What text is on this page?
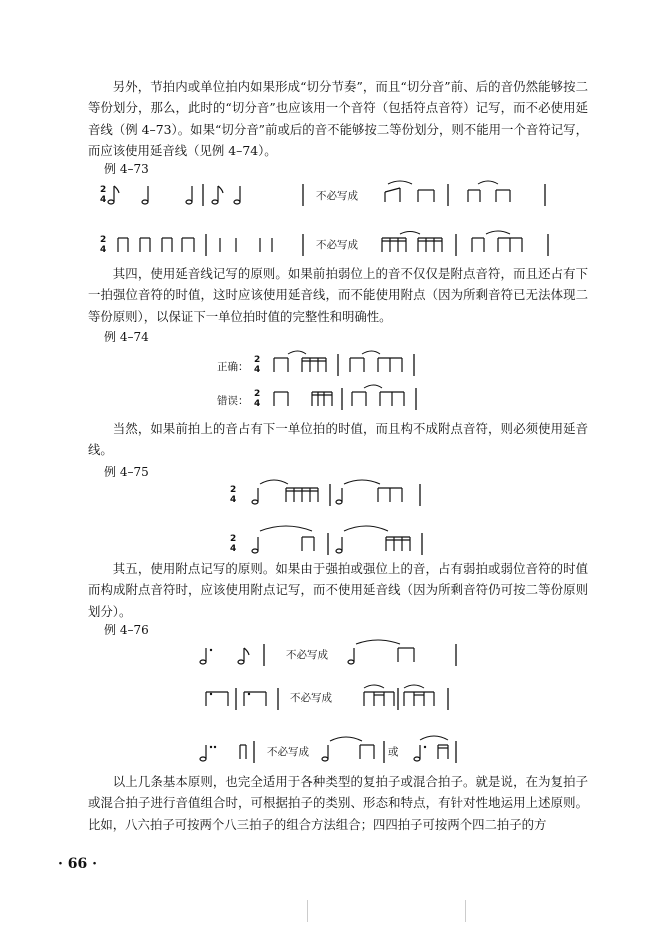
另外，节拍内或单位拍内如果形成“切分节奏”，而且“切分音”前、后的音仍然能够按二等份划分，那么，此时的“切分音”也应该用一个音符（包括符点音符）记写，而不必使用延音线（例 4–73）。如果“切分音”前或后的音不能够按二等份划分，则不能用一个音符记写，而应该使用延音线（见例 4–74）。

例 4–73

2
4	不必写成
2
4	不必写成

其四，使用延音线记写的原则。如果前拍弱位上的音不仅仅是附点音符，而且还占有下一拍强位音符的时值，这时应该使用延音线，而不能使用附点（因为所剩音符已无法体现二等份原则），以保证下一单位拍时值的完整性和明确性。

例 4–74

正确：
2
4
错误：
2
4

当然，如果前拍上的音占有下一单位拍的时值，而且构不成附点音符，则必须使用延音线。

例 4–75

2
4
2
4

其五，使用附点记写的原则。如果由于强拍或强位上的音，占有弱拍或弱位音符的时值而构成附点音符时，应该使用附点记写，而不使用延音线（因为所剩音符仍可按二等份原则划分）。

例 4–76

不必写成
不必写成
不必写成	或

以上几条基本原则，也完全适用于各种类型的复拍子或混合拍子。就是说，在为复拍子或混合拍子进行音值组合时，可根据拍子的类别、形态和特点，有针对性地运用上述原则。比如，八六拍子可按两个八三拍子的组合方法组合；四四拍子可按两个四二拍子的方

· 66 ·
